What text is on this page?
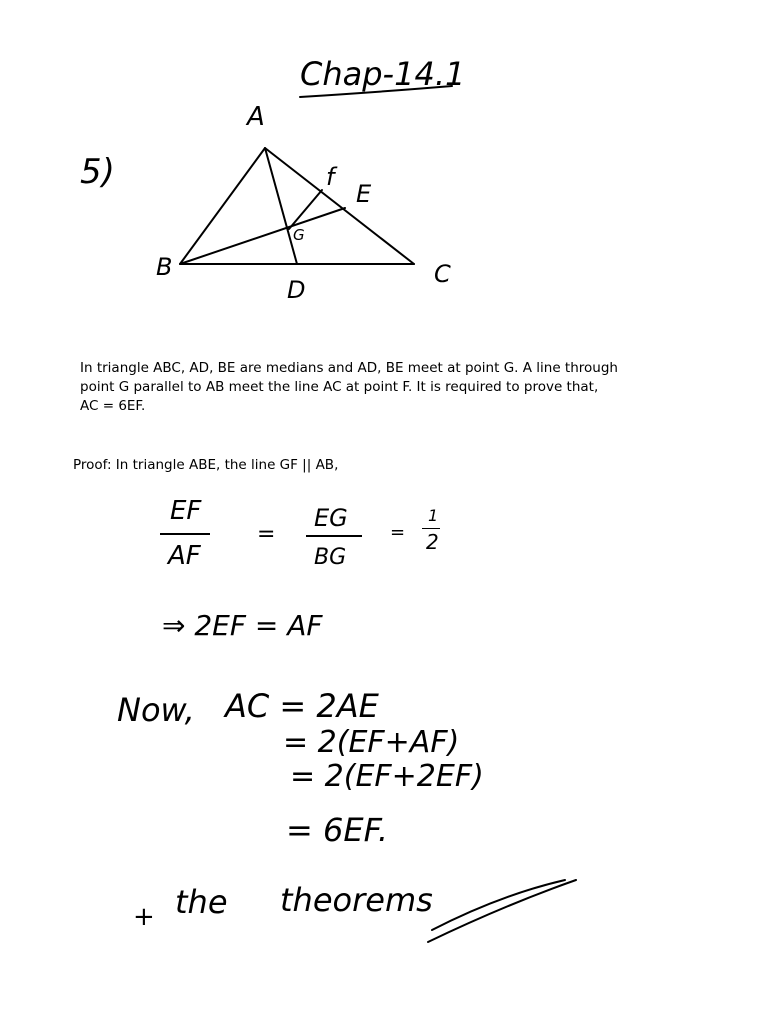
Chap-14.1
5)
A
B	C
D
E
f
G
In triangle ABC, AD, BE are medians and AD, BE meet at point G. A line through
point G parallel to AB meet the line AC at point F. It is required to prove that,
AC = 6EF.
Proof: In triangle ABE, the line GF || AB,
EF
AF
=
EG
BG
=
1
2
⇒ 2EF = AF
Now, AC = 2AE
= 2(EF+AF)
= 2(EF+2EF)
= 6EF.
+ the theorems
